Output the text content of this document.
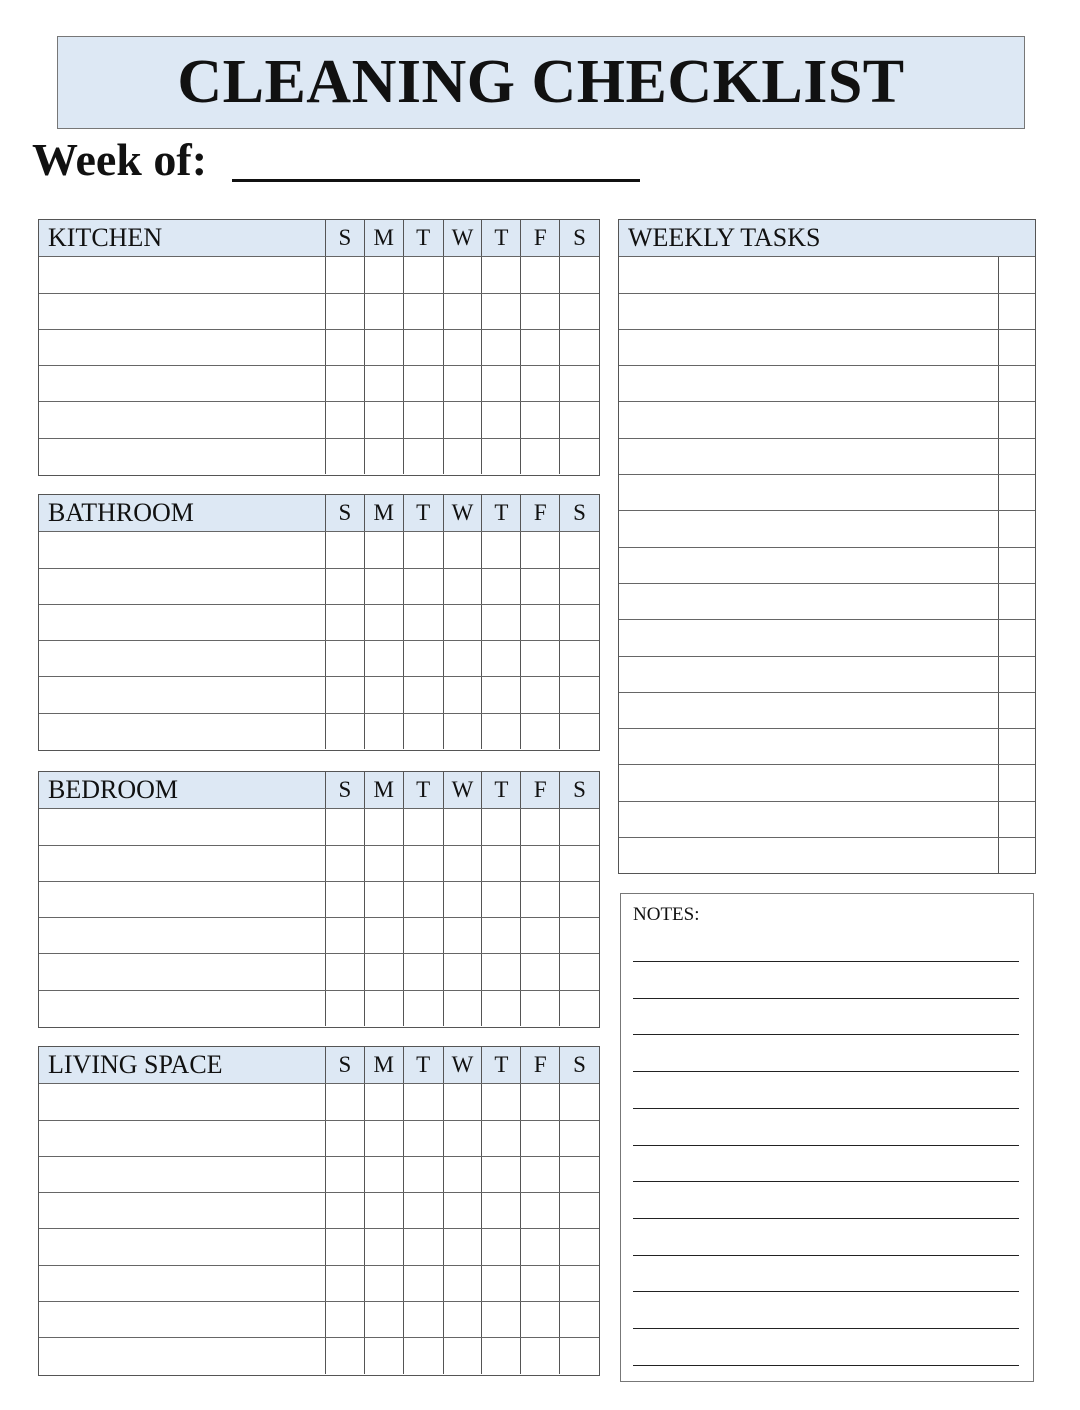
CLEANING CHECKLIST
Week of:
KITCHEN	S M T W T	F	S
BATHROOM	S M T W T	F	S
BEDROOM	S M T W T	F	S
LIVING SPACE	S M T W T	F	S
WEEKLY TASKS
NOTES:
